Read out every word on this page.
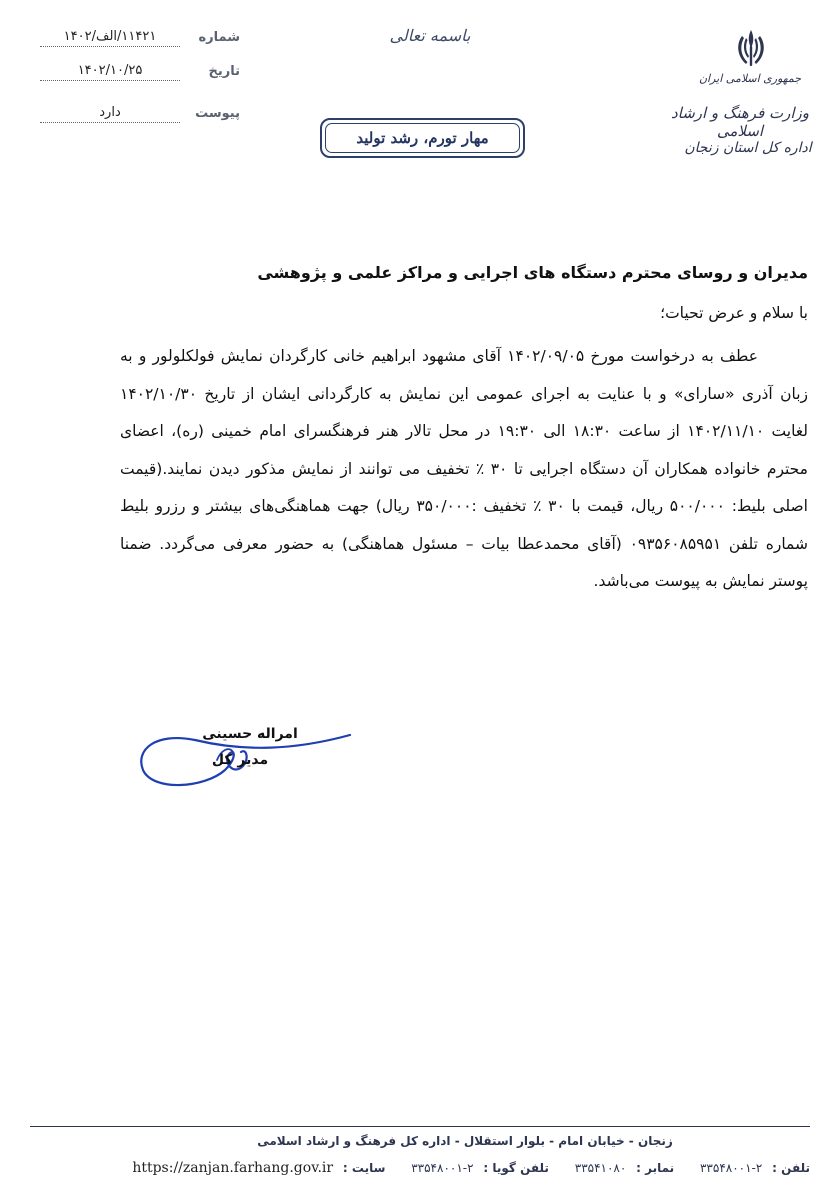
شماره
۱۱۴۲۱/الف/۱۴۰۲
تاریخ
۱۴۰۲/۱۰/۲۵
پیوست
دارد
باسمه تعالی
مهار تورم، رشد تولید
جمهوری اسلامی ایران
وزارت فرهنگ و ارشاد اسلامی
اداره کل استان زنجان
مدیران و روسای محترم دستگاه های اجرایی و مراکز علمی و پژوهشی
با سلام و عرض تحیات؛
عطف به درخواست مورخ ۱۴۰۲/۰۹/۰۵ آقای مشهود ابراهیم خانی کارگردان نمایش فولکلولور و به زبان آذری «سارای» و با عنایت به اجرای عمومی این نمایش به کارگردانی ایشان از تاریخ ۱۴۰۲/۱۰/۳۰ لغایت ۱۴۰۲/۱۱/۱۰ از ساعت ۱۸:۳۰ الی ۱۹:۳۰ در محل تالار هنر فرهنگسرای امام خمینی (ره)، اعضای محترم خانواده همکاران آن دستگاه اجرایی تا ۳۰ ٪ تخفیف می توانند از نمایش مذکور دیدن نمایند.(قیمت اصلی بلیط: ۵۰۰/۰۰۰ ریال، قیمت با ۳۰ ٪ تخفیف :۳۵۰/۰۰۰ ریال) جهت هماهنگی‌های بیشتر و رزرو بلیط شماره تلفن ۰۹۳۵۶۰۸۵۹۵۱ (آقای محمدعطا بیات – مسئول هماهنگی) به حضور معرفی می‌گردد. ضمنا پوستر نمایش به پیوست می‌باشد.
امراله حسینی
مدیر کل
زنجان - خیابان امام - بلوار استقلال - اداره کل فرهنگ و ارشاد اسلامی
تلفن : ۲-۳۳۵۴۸۰۰۱ نمابر : ۳۳۵۴۱۰۸۰ تلفن گویا : ۲-۳۳۵۴۸۰۰۱ سایت : https://zanjan.farhang.gov.ir
